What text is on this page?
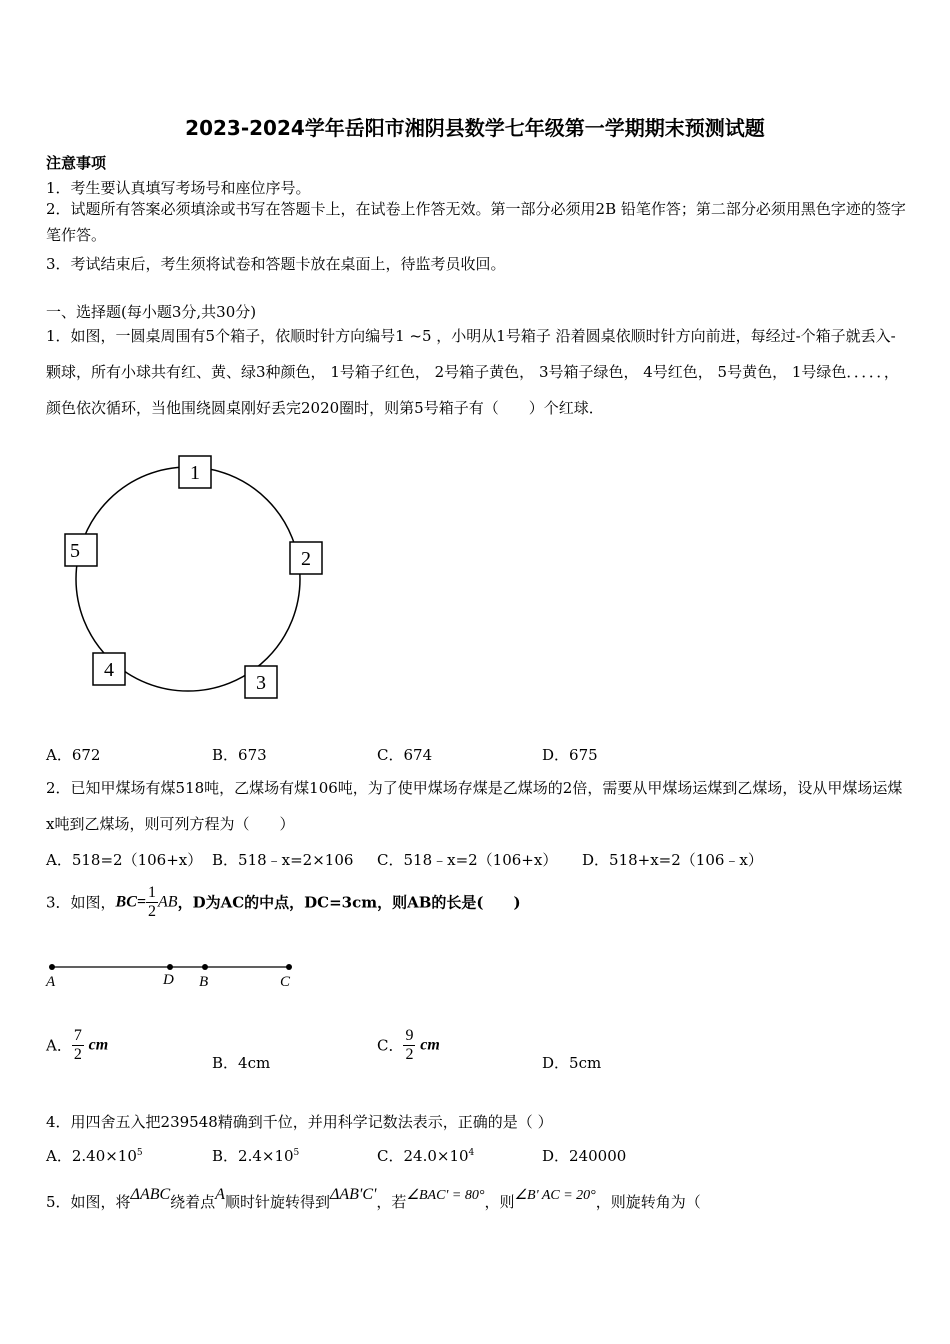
2023-2024学年岳阳市湘阴县数学七年级第一学期期末预测试题
注意事项
1．考生要认真填写考场号和座位序号。
2．试题所有答案必须填涂或书写在答题卡上，在试卷上作答无效。第一部分必须用2B 铅笔作答；第二部分必须用黑色字迹的签字笔作答。
3．考试结束后，考生须将试卷和答题卡放在桌面上，待监考员收回。
一、选择题(每小题3分,共30分)
1．如图，一圆桌周围有5个箱子，依顺时针方向编号1 ~5 ，小明从1号箱子 沿着圆桌依顺时针方向前进，每经过-个箱子就丢入-颗球，所有小球共有红、黄、绿3种颜色， 1号箱子红色， 2号箱子黄色， 3号箱子绿色， 4号红色， 5号黄色， 1号绿色．．．．．，颜色依次循环，当他围绕圆桌刚好丢完2020圈时，则第5号箱子有（　　）个红球．
1
2
3
4
5
A．672	B．673	C．674	D．675
2．已知甲煤场有煤518吨，乙煤场有煤106吨，为了使甲煤场存煤是乙煤场的2倍，需要从甲煤场运煤到乙煤场，设从甲煤场运煤x吨到乙煤场，则可列方程为（　　）
A．518=2（106+x） B．518﹣x=2×106 C．518﹣x=2（106+x） D．518+x=2（106﹣x）
3．如图，$BC= \frac{1}{2}$ AB，D为AC的中点，DC=3cm，则AB的长是(　　)
A	D B	C
A． $\frac{7}{2}$ cm
B．4cm
C． $\frac{9}{2}$ cm
D．5cm
4．用四舍五入把239548精确到千位，并用科学记数法表示，正确的是（ ）
A．$2.40\times 10^5$	B．$2.4\times 10^5$	C．$24.0\times 10^4$	D．240000
5．如图，将ΔABC绕着点A顺时针旋转得到ΔAB'C'，若∠BAC' = 80°，则∠B' AC = 20°，则旋转角为（
